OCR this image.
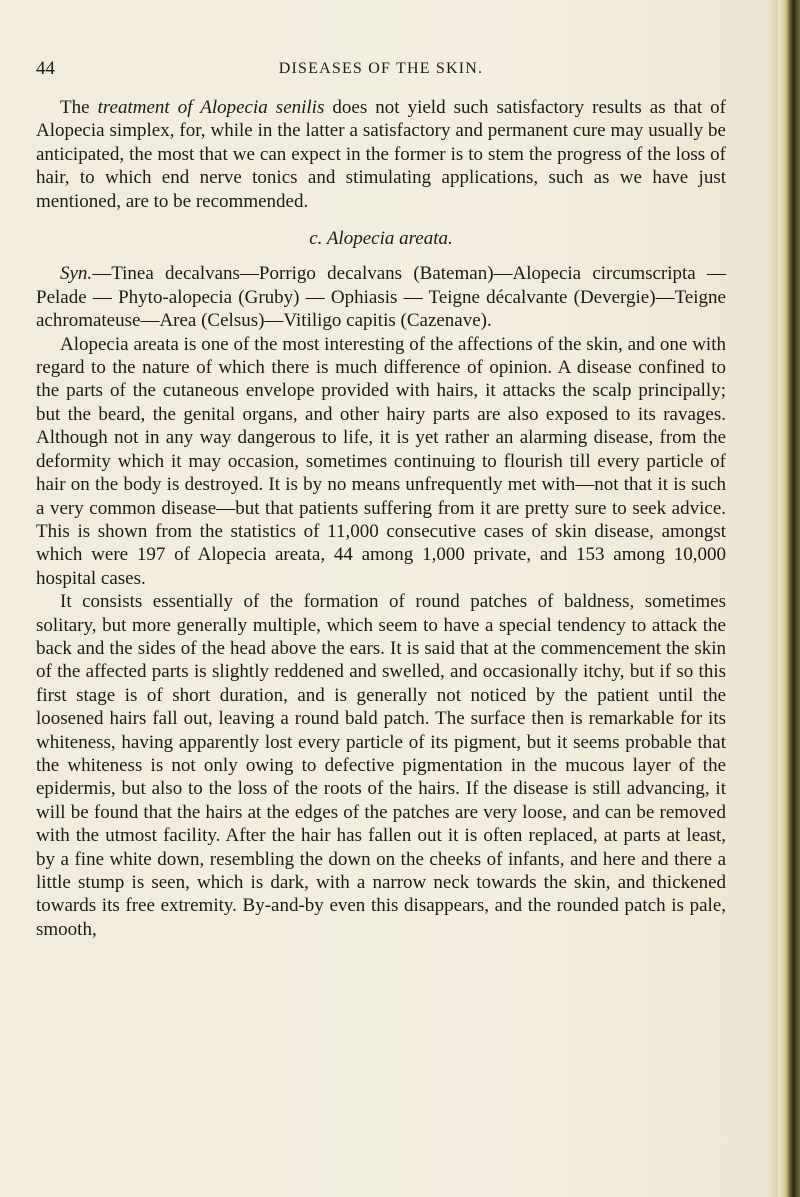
44	DISEASES OF THE SKIN.

The treatment of Alopecia senilis does not yield such satisfactory results as that of Alopecia simplex, for, while in the latter a satisfactory and permanent cure may usually be anticipated, the most that we can expect in the former is to stem the progress of the loss of hair, to which end nerve tonics and stimulating applications, such as we have just mentioned, are to be recommended.

c. Alopecia areata.

Syn.—Tinea decalvans—Porrigo decalvans (Bateman)—Alopecia circumscripta — Pelade — Phyto-alopecia (Gruby) — Ophiasis — Teigne décalvante (Devergie)—Teigne achromateuse—Area (Celsus)—Vitiligo capitis (Cazenave).

Alopecia areata is one of the most interesting of the affections of the skin, and one with regard to the nature of which there is much difference of opinion. A disease confined to the parts of the cutaneous envelope provided with hairs, it attacks the scalp principally; but the beard, the genital organs, and other hairy parts are also exposed to its ravages. Although not in any way dangerous to life, it is yet rather an alarming disease, from the deformity which it may occasion, sometimes continuing to flourish till every particle of hair on the body is destroyed. It is by no means unfrequently met with—not that it is such a very common disease—but that patients suffering from it are pretty sure to seek advice. This is shown from the statistics of 11,000 consecutive cases of skin disease, amongst which were 197 of Alopecia areata, 44 among 1,000 private, and 153 among 10,000 hospital cases.

It consists essentially of the formation of round patches of baldness, sometimes solitary, but more generally multiple, which seem to have a special tendency to attack the back and the sides of the head above the ears. It is said that at the commencement the skin of the affected parts is slightly reddened and swelled, and occasionally itchy, but if so this first stage is of short duration, and is generally not noticed by the patient until the loosened hairs fall out, leaving a round bald patch. The surface then is remarkable for its whiteness, having apparently lost every particle of its pigment, but it seems probable that the whiteness is not only owing to defective pigmentation in the mucous layer of the epidermis, but also to the loss of the roots of the hairs. If the disease is still advancing, it will be found that the hairs at the edges of the patches are very loose, and can be removed with the utmost facility. After the hair has fallen out it is often replaced, at parts at least, by a fine white down, resembling the down on the cheeks of infants, and here and there a little stump is seen, which is dark, with a narrow neck towards the skin, and thickened towards its free extremity. By-and-by even this disappears, and the rounded patch is pale, smooth,
